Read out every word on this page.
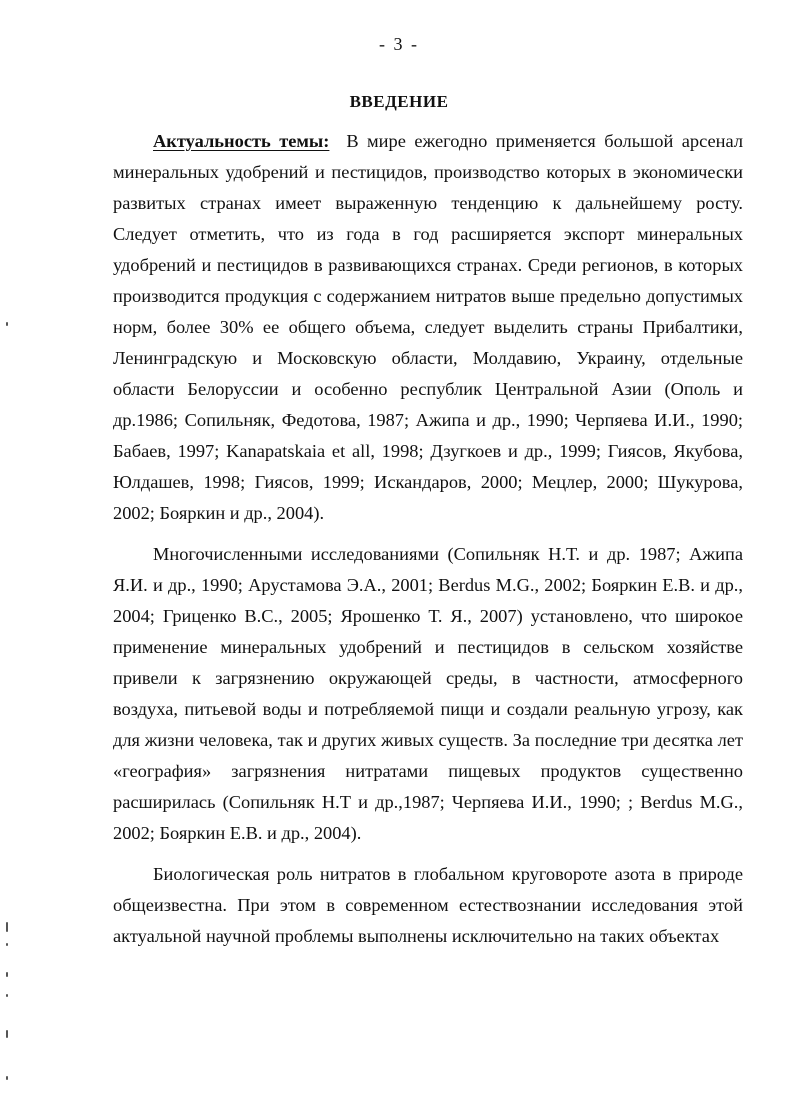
- 3 -
ВВЕДЕНИЕ

Актуальность темы: В мире ежегодно применяется большой арсенал минеральных удобрений и пестицидов, производство которых в экономически развитых странах имеет выраженную тенденцию к дальнейшему росту. Следует отметить, что из года в год расширяется экспорт минеральных удобрений и пестицидов в развивающихся странах. Среди регионов, в которых производится продукция с содержанием нитратов выше предельно допустимых норм, более 30% ее общего объема, следует выделить страны Прибалтики, Ленинградскую и Московскую области, Молдавию, Украину, отдельные области Белоруссии и особенно республик Центральной Азии (Ополь и др.1986; Сопильняк, Федотова, 1987; Ажипа и др., 1990; Черпяева И.И., 1990; Бабаев, 1997; Kanapatskaia et all, 1998; Дзугкоев и др., 1999; Гиясов, Якубова, Юлдашев, 1998; Гиясов, 1999; Искандаров, 2000; Мецлер, 2000; Шукурова, 2002; Бояркин и др., 2004).

Многочисленными исследованиями (Сопильняк Н.Т. и др. 1987; Ажипа Я.И. и др., 1990; Арустамова Э.А., 2001; Berdus M.G., 2002; Бояркин Е.В. и др., 2004; Гриценко В.С., 2005; Ярошенко Т. Я., 2007) установлено, что широкое применение минеральных удобрений и пестицидов в сельском хозяйстве привели к загрязнению окружающей среды, в частности, атмосферного воздуха, питьевой воды и потребляемой пищи и создали реальную угрозу, как для жизни человека, так и других живых существ. За последние три десятка лет «география» загрязнения нитратами пищевых продуктов существенно расширилась (Сопильняк Н.Т и др.,1987; Черпяева И.И., 1990; ; Berdus M.G., 2002; Бояркин Е.В. и др., 2004).

Биологическая роль нитратов в глобальном круговороте азота в природе общеизвестна. При этом в современном естествознании исследования этой актуальной научной проблемы выполнены исключительно на таких объектах
